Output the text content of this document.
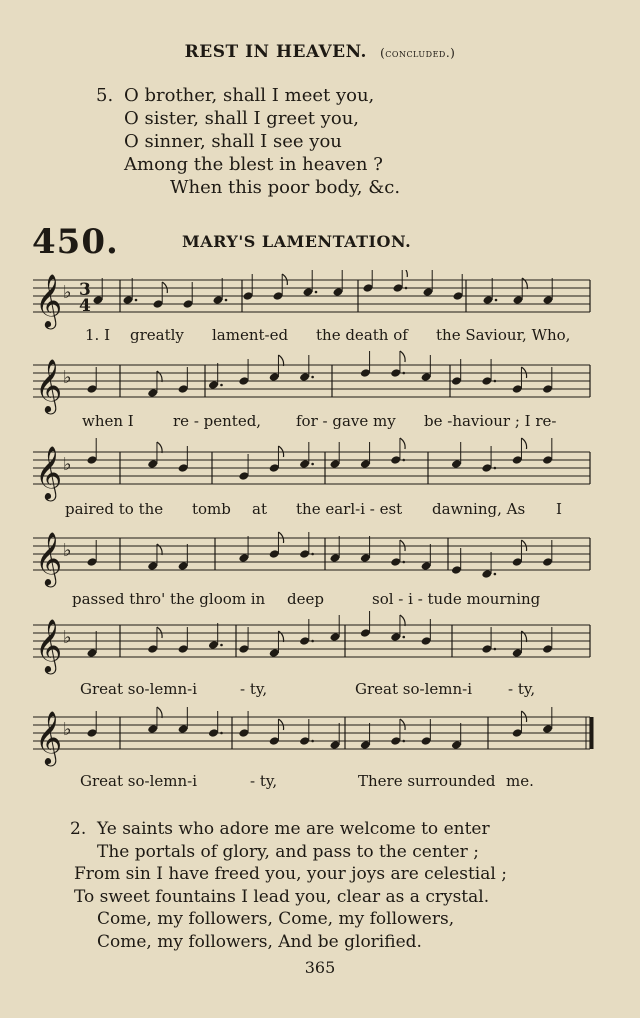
REST IN HEAVEN. (concluded.)
5. O brother, shall I meet you,
O sister, shall I greet you,
O sinner, shall I see you
Among the blest in heaven ?
When this poor body, &c.
450.	MARY'S LAMENTATION.
𝄞 ♭ 3
4
1. I greatly lament-ed the death of the Saviour, Who,
𝄞 ♭
when I	re - pented, for - gave my be -haviour ; I re-
𝄞 ♭
paired to the tomb at the earl-i - est dawning, As I
𝄞 ♭
passed thro' the gloom in deep	sol - i - tude mourning
𝄞 ♭
Great so-lemn-i	- ty,	Great so-lemn-i - ty,
𝄞 ♭
Great so-lemn-i	- ty,	There surrounded me.
2. Ye saints who adore me are welcome to enter
The portals of glory, and pass to the center ;
From sin I have freed you, your joys are celestial ;
To sweet fountains I lead you, clear as a crystal.
Come, my followers, Come, my followers,
Come, my followers, And be glorified.
365
